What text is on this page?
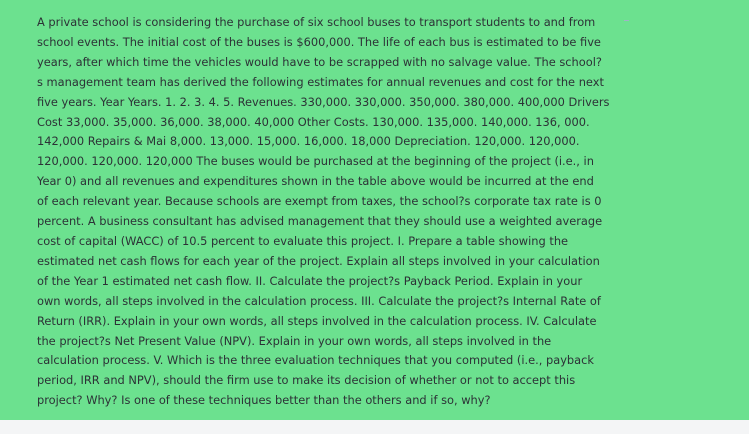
A private school is considering the purchase of six school buses to transport students to and from
school events. The initial cost of the buses is $600,000. The life of each bus is estimated to be five
years, after which time the vehicles would have to be scrapped with no salvage value. The school?
s management team has derived the following estimates for annual revenues and cost for the next
five years. Year Years. 1. 2. 3. 4. 5. Revenues. 330,000. 330,000. 350,000. 380,000. 400,000 Drivers
Cost 33,000. 35,000. 36,000. 38,000. 40,000 Other Costs. 130,000. 135,000. 140,000. 136, 000.
142,000 Repairs & Mai 8,000. 13,000. 15,000. 16,000. 18,000 Depreciation. 120,000. 120,000.
120,000. 120,000. 120,000 The buses would be purchased at the beginning of the project (i.e., in
Year 0) and all revenues and expenditures shown in the table above would be incurred at the end
of each relevant year. Because schools are exempt from taxes, the school?s corporate tax rate is 0
percent. A business consultant has advised management that they should use a weighted average
cost of capital (WACC) of 10.5 percent to evaluate this project. I. Prepare a table showing the
estimated net cash flows for each year of the project. Explain all steps involved in your calculation
of the Year 1 estimated net cash flow. II. Calculate the project?s Payback Period. Explain in your
own words, all steps involved in the calculation process. III. Calculate the project?s Internal Rate of
Return (IRR). Explain in your own words, all steps involved in the calculation process. IV. Calculate
the project?s Net Present Value (NPV). Explain in your own words, all steps involved in the
calculation process. V. Which is the three evaluation techniques that you computed (i.e., payback
period, IRR and NPV), should the firm use to make its decision of whether or not to accept this
project? Why? Is one of these techniques better than the others and if so, why?
